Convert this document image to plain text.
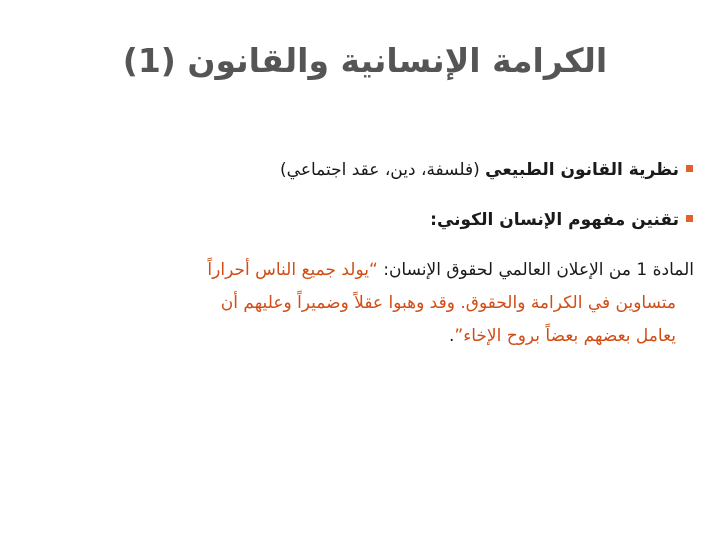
الكرامة الإنسانية والقانون (1)
نظرية القانون الطبيعي (فلسفة، دين، عقد اجتماعي)
تقنين مفهوم الإنسان الكوني:
المادة 1 من الإعلان العالمي لحقوق الإنسان: “يولد جميع الناس أحراراً
متساوين في الكرامة والحقوق. وقد وهبوا عقلاً وضميراً وعليهم أن
يعامل بعضهم بعضاً بروح الإخاء”.
